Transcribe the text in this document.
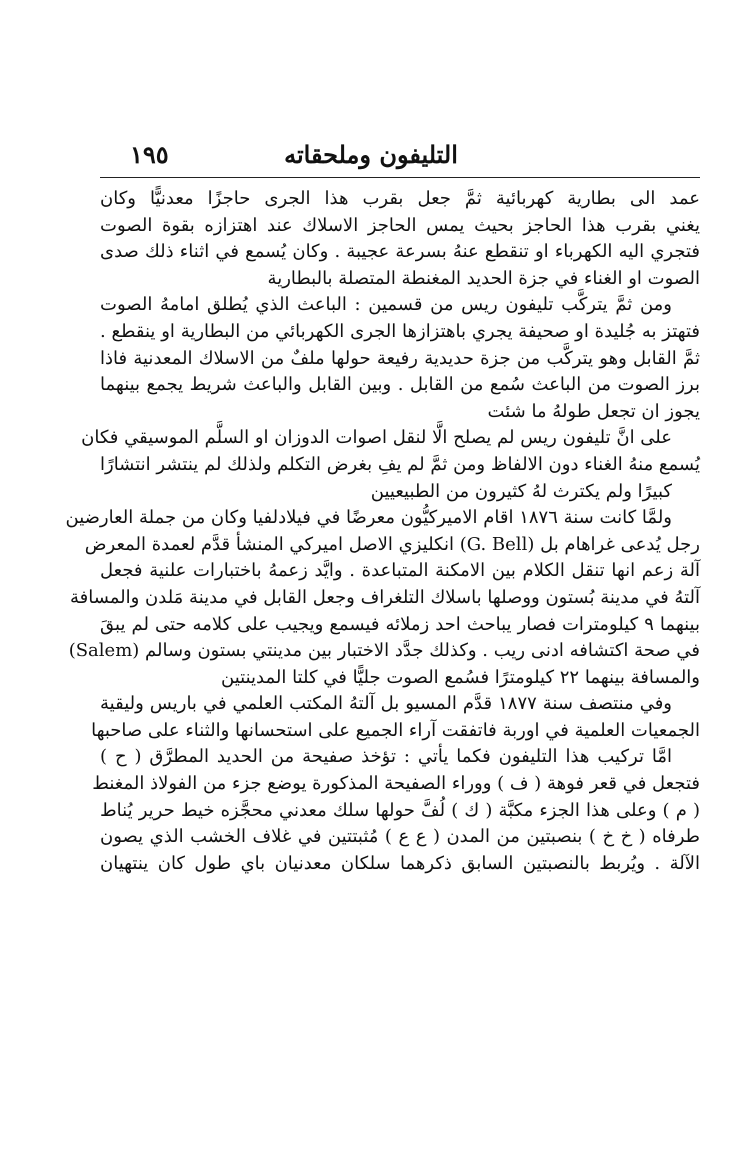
١٩٥	التليفون وملحقاته
عمد الى بطارية كهربائية ثمَّ جعل بقرب هذا الجرى حاجزًا معدنيًّا وكان
يغني بقرب هذا الحاجز بحيث يمس الحاجز الاسلاك عند اهتزازه بقوة الصوت
فتجري اليه الكهرباء او تنقطع عنهُ بسرعة عجيبة . وكان يُسمع في اثناء ذلك صدى
الصوت او الغناء في جزة الحديد المغنطة المتصلة بالبطارية
ومن ثمَّ يتركَّب تليفون ريس من قسمين : الباعث الذي يُطلق امامهُ الصوت
فتهتز به جُليدة او صحيفة يجري باهتزازها الجرى الكهربائي من البطارية او ينقطع .
ثمَّ القابل وهو يتركَّب من جزة حديدية رفيعة حولها ملفٌ من الاسلاك المعدنية فاذا
برز الصوت من الباعث سُمع من القابل . وبين القابل والباعث شريط يجمع بينهما
يجوز ان تجعل طولهُ ما شئت
على انَّ تليفون ريس لم يصلح الَّا لنقل اصوات الدوزان او السلَّم الموسيقي فكان
يُسمع منهُ الغناء دون الالفاظ ومن ثمَّ لم يفِ بغرض التكلم ولذلك لم ينتشر انتشارًا
كبيرًا ولم يكترث لهُ كثيرون من الطبيعيين
ولمَّا كانت سنة ١٨٧٦ اقام الاميركيُّون معرضًا في فيلادلفيا وكان من جملة العارضين
رجل يُدعى غراهام بل (G. Bell) انكليزي الاصل اميركي المنشأ قدَّم لعمدة المعرض
آلة زعم انها تنقل الكلام بين الامكنة المتباعدة . وايَّد زعمهُ باختبارات علنية فجعل
آلتهُ في مدينة بُستون ووصلها باسلاك التلغراف وجعل القابل في مدينة مَلدن والمسافة
بينهما ٩ كيلومترات فصار يباحث احد زملائه فيسمع ويجيب على كلامه حتى لم يبقَ
في صحة اكتشافه ادنى ريب . وكذلك جدَّد الاختبار بين مدينتي بستون وسالم (Salem)
والمسافة بينهما ٢٢ كيلومترًا فسُمع الصوت جليًّا في كلتا المدينتين
وفي منتصف سنة ١٨٧٧ قدَّم المسيو بل آلتهُ المكتب العلمي في باريس وليقية
الجمعيات العلمية في اوربة فاتفقت آراء الجميع على استحسانها والثناء على صاحبها
امَّا تركيب هذا التليفون فكما يأتي : تؤخذ صفيحة من الحديد المطرَّق ( ح )
فتجعل في قعر فوهة ( ف ) ووراء الصفيحة المذكورة يوضع جزء من الفولاذ المغنط
( م ) وعلى هذا الجزء مكبَّة ( ك ) لُفَّ حولها سلك معدني محجَّزه خيط حرير يُناط
طرفاه ( خ خ ) بنصبتين من المدن ( ع ع ) مُثبتتين في غلاف الخشب الذي يصون
الآلة . ويُربط بالنصبتين السابق ذكرهما سلكان معدنيان باي طول كان ينتهيان
